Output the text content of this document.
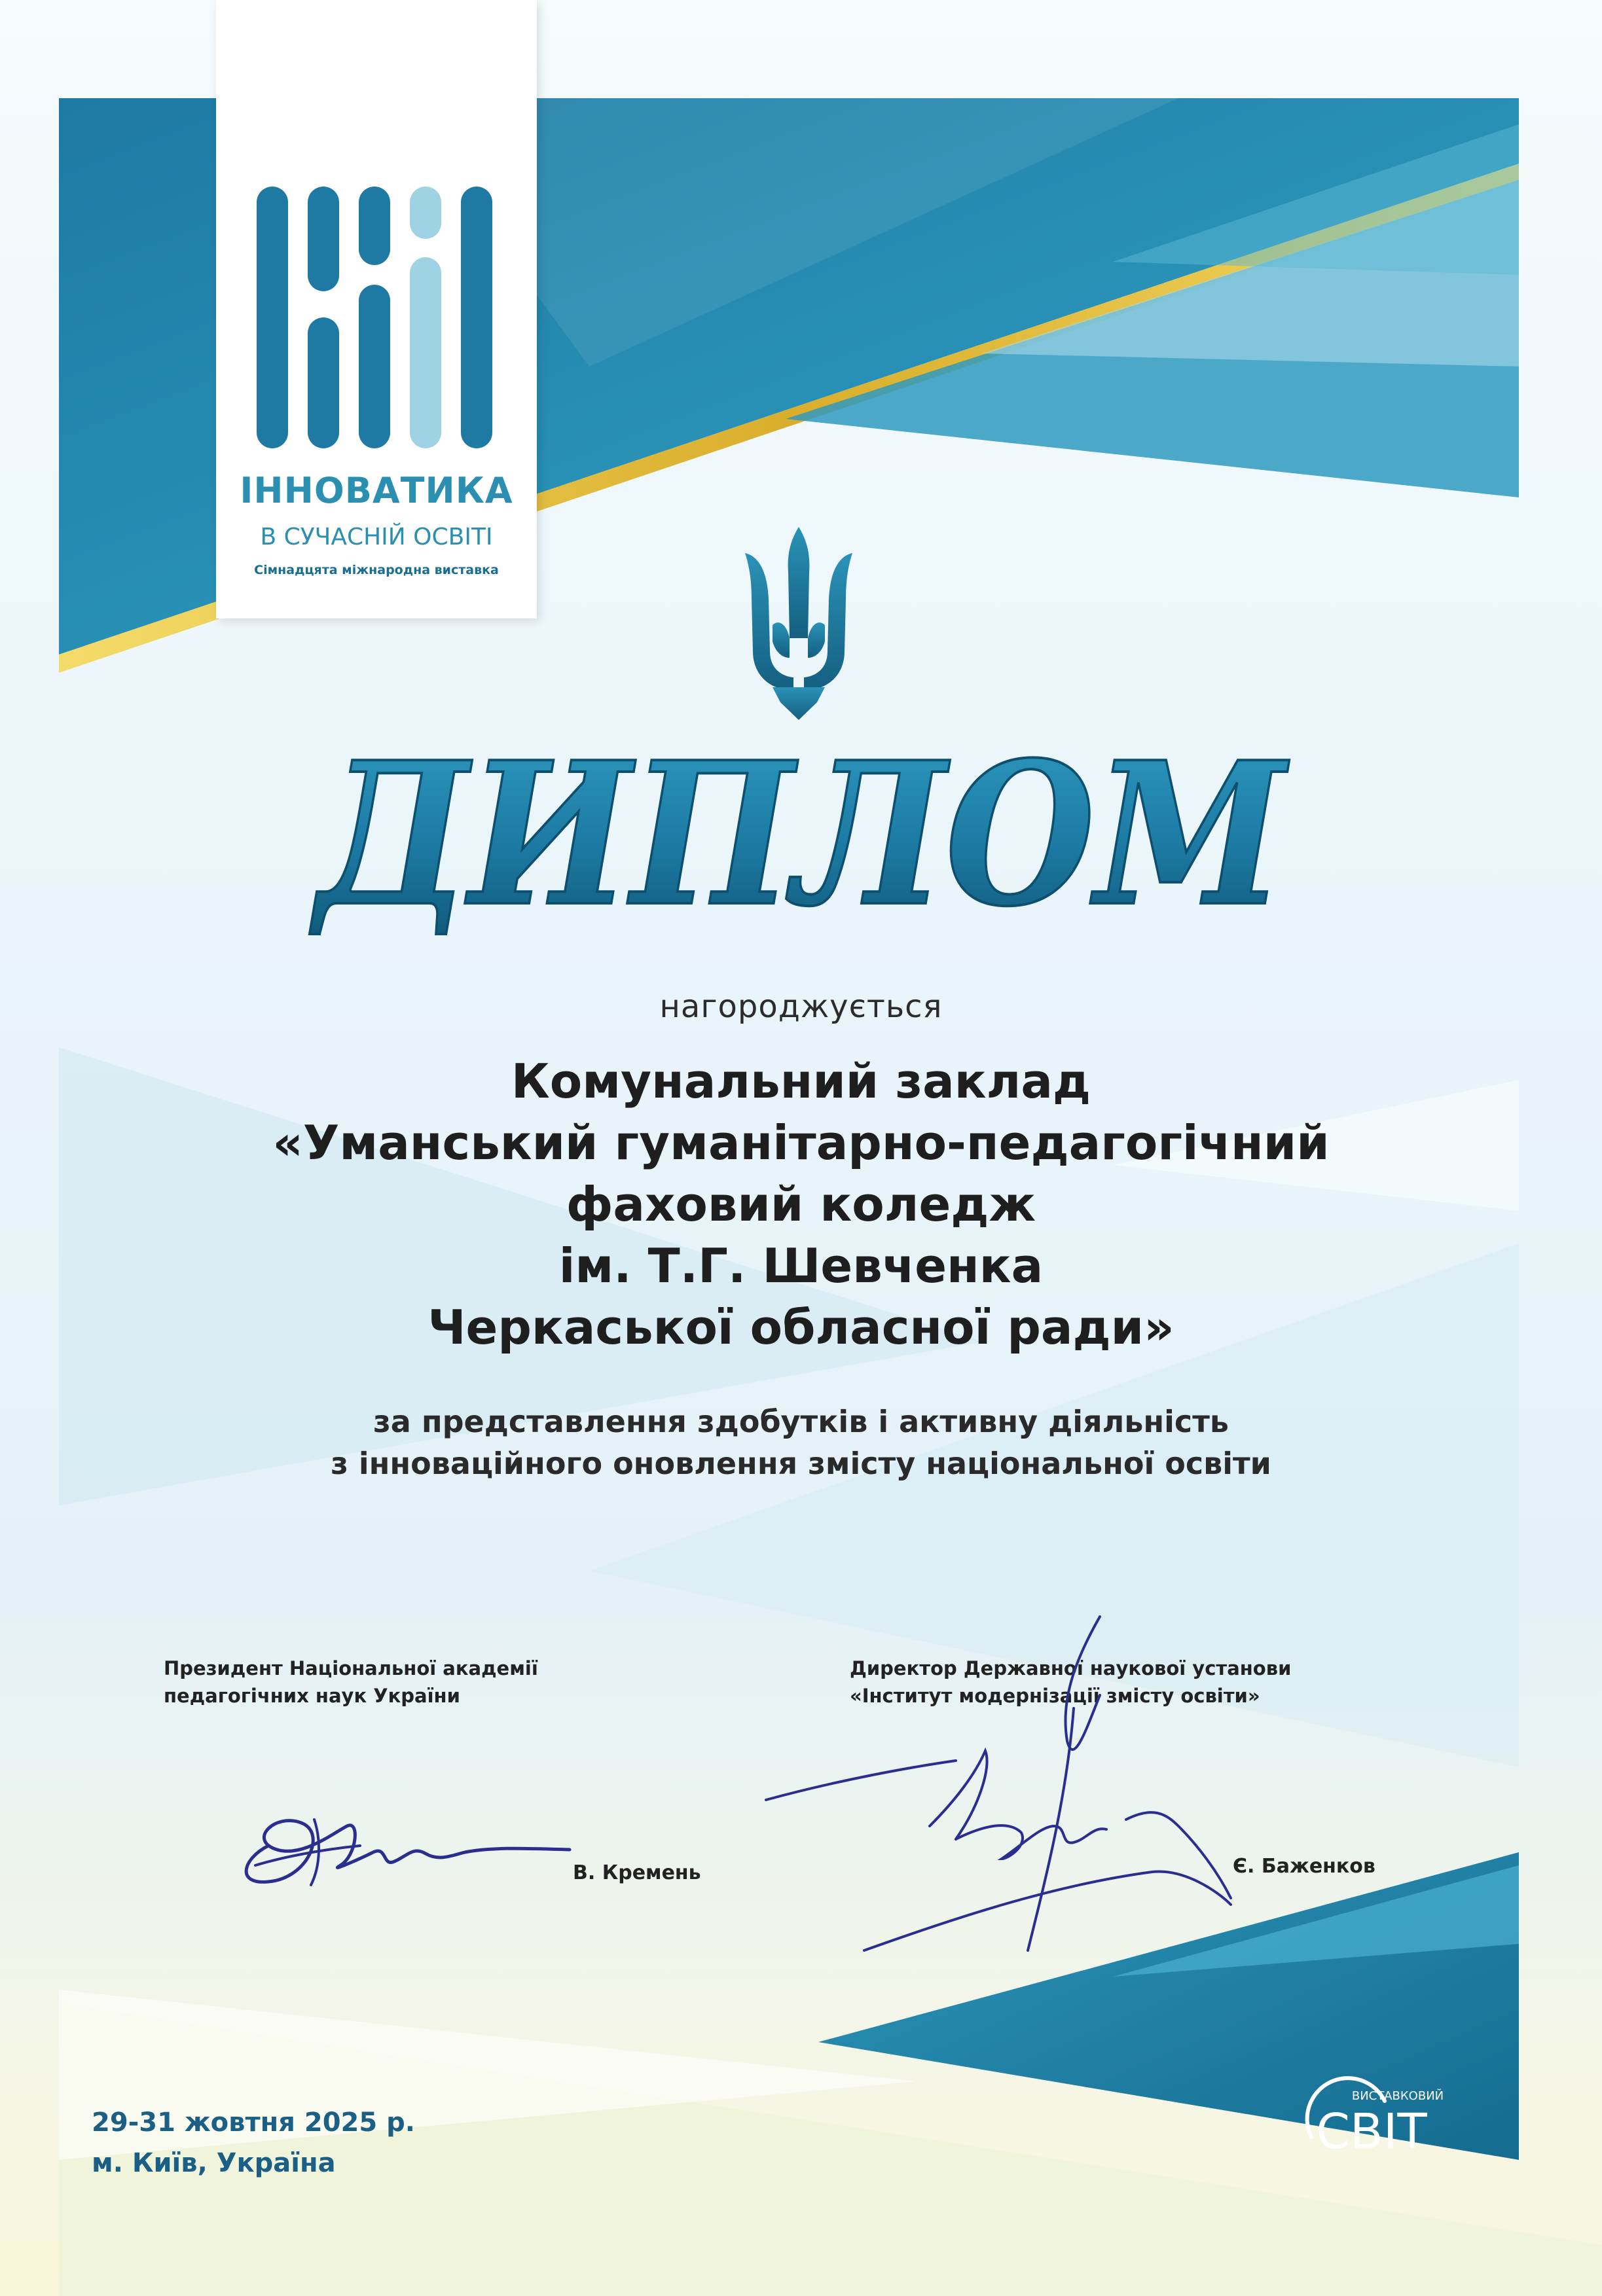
ІННОВАТИКА
В СУЧАСНІЙ ОСВІТІ
Сімнадцята міжнародна виставка
ДИПЛОМ
нагороджується
Комунальний заклад
«Уманський гуманітарно-педагогічний
фаховий коледж
ім. Т.Г. Шевченка
Черкаської обласної ради»
за представлення здобутків і активну діяльність
з інноваційного оновлення змісту національної освіти
Президент Національної академії
педагогічних наук України
В. Кремень
Директор Державної наукової установи
«Інститут модернізації змісту освіти»
Є. Баженков
29-31 жовтня 2025 р.
м. Київ, Україна
ВИСТАВКОВИЙ
СВІТ
